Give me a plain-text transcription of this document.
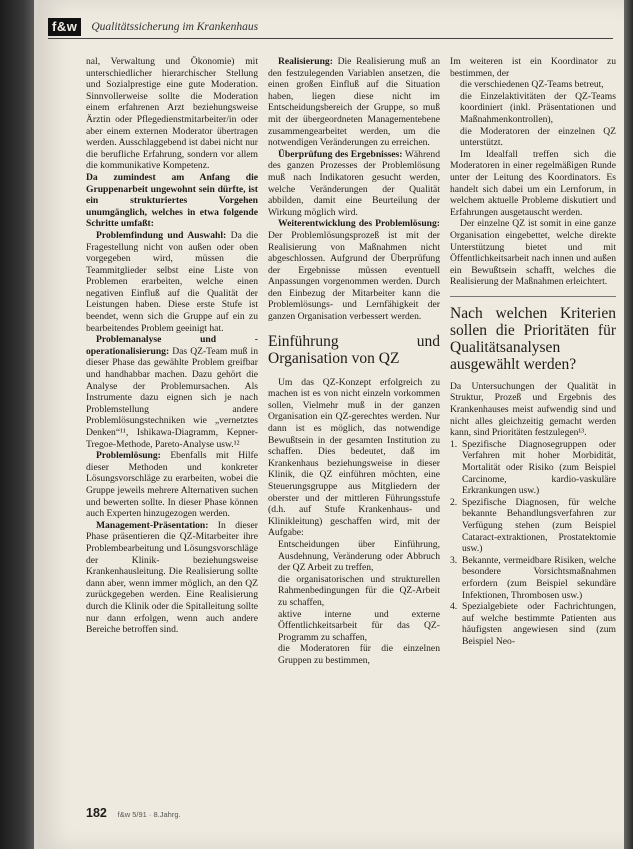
f&w	Qualitätssicherung im Krankenhaus

nal, Verwaltung und Ökonomie) mit unterschiedlicher hierarchischer Stellung und Sozialprestige eine gute Moderation. Sinnvollerweise sollte die Moderation einem erfahrenen Arzt beziehungsweise Ärztin oder Pflegedienstmitarbeiter/in oder aber einem externen Moderator übertragen werden. Ausschlaggebend ist dabei nicht nur die berufliche Erfahrung, sondern vor allem die kommunikative Kompetenz.

Da zumindest am Anfang die Gruppenarbeit ungewohnt sein dürfte, ist ein strukturiertes Vorgehen unumgänglich, welches in etwa folgende Schritte umfaßt:

Problemfindung und Auswahl: Da die Fragestellung nicht von außen oder oben vorgegeben wird, müssen die Teammitglieder selbst eine Liste von Problemen erarbeiten, welche einen negativen Einfluß auf die Qualität der Leistungen haben. Diese erste Stufe ist beendet, wenn sich die Gruppe auf ein zu bearbeitendes Problem geeinigt hat.

Problemanalyse und -operationalisierung: Das QZ-Team muß in dieser Phase das gewählte Problem greifbar und handhabbar machen. Dazu gehört die Analyse der Problemursachen. Als Instrumente dazu eignen sich je nach Problemstellung andere Problemlösungstechniken wie „vernetztes Denken“¹¹, Ishikawa-Diagramm, Kepner-Tregoe-Methode, Pareto-Analyse usw.¹²

Problemlösung: Ebenfalls mit Hilfe dieser Methoden und konkreter Lösungsvorschläge zu erarbeiten, wobei die Gruppe jeweils mehrere Alternativen suchen und bewerten sollte. In dieser Phase können auch Experten hinzugezogen werden.

Management-Präsentation: In dieser Phase präsentieren die QZ-Mitarbeiter ihre Problembearbeitung und Lösungsvorschläge der Klinik- beziehungsweise Krankenhausleitung. Die Realisierung sollte dann aber, wenn immer möglich, an den QZ zurückgegeben werden. Eine Realisierung durch die Klinik oder die Spitalleitung sollte nur dann erfolgen, wenn auch andere Bereiche betroffen sind.

Realisierung: Die Realisierung muß an den festzulegenden Variablen ansetzen, die einen großen Einfluß auf die Situation haben, liegen diese nicht im Entscheidungsbereich der Gruppe, so muß mit der übergeordneten Managementebene zusammengearbeitet werden, um die notwendigen Veränderungen zu erreichen.

Überprüfung des Ergebnisses: Während des ganzen Prozesses der Problemlösung muß nach Indikatoren gesucht werden, welche Veränderungen der Qualität abbilden, damit eine Beurteilung der Wirkung möglich wird.

Weiterentwicklung des Problemlösung: Der Problemlösungsprozeß ist mit der Realisierung von Maßnahmen nicht abgeschlossen. Aufgrund der Überprüfung der Ergebnisse müssen eventuell Anpassungen vorgenommen werden. Durch den Einbezug der Mitarbeiter kann die Problemlösungs- und Lernfähigkeit der ganzen Organisation verbessert werden.

Einführung und Organisation von QZ

Um das QZ-Konzept erfolgreich zu machen ist es von nicht einzeln vorkommen sollen, Vielmehr muß in der ganzen Organisation ein QZ-gerechtes werden. Nur dann ist es möglich, das notwendige Bewußtsein in der gesamten Institution zu schaffen. Dies bedeutet, daß im Krankenhaus beziehungsweise in dieser Klinik, die QZ einführen möchten, eine Steuerungsgruppe aus Mitgliedern der oberster und der mittleren Führungsstufe (d.h. auf Stufe Krankenhaus- und Klinikleitung) geschaffen wird, mit der Aufgabe:

Entscheidungen über Einführung, Ausdehnung, Veränderung oder Abbruch der QZ Arbeit zu treffen,

die organisatorischen und strukturellen Rahmenbedingungen für die QZ-Arbeit zu schaffen,

aktive interne und externe Öffentlichkeitsarbeit für das QZ-Programm zu schaffen,

die Moderatoren für die einzelnen Gruppen zu bestimmen,

Im weiteren ist ein Koordinator zu bestimmen, der

die verschiedenen QZ-Teams betreut,

die Einzelaktivitäten der QZ-Teams koordiniert (inkl. Präsentationen und Maßnahmenkontrollen),

die Moderatoren der einzelnen QZ unterstützt.

Im Idealfall treffen sich die Moderatoren in einer regelmäßigen Runde unter der Leitung des Koordinators. Es handelt sich dabei um ein Lernforum, in welchem aktuelle Probleme diskutiert und Erfahrungen ausgetauscht werden.

Der einzelne QZ ist somit in eine ganze Organisation eingebettet, welche direkte Unterstützung bietet und mit Öffentlichkeitsarbeit nach innen und außen ein Bewußtsein schafft, welches die Realisierung der Maßnahmen erleichtert.

Nach welchen Kriterien sollen die Prioritäten für Qualitätsanalysen ausgewählt werden?

Da Untersuchungen der Qualität in Struktur, Prozeß und Ergebnis des Krankenhauses meist aufwendig sind und nicht alles gleichzeitig gemacht werden kann, sind Prioritäten festzulegen¹³.

1. Spezifische Diagnosegruppen oder Verfahren mit hoher Morbidität, Mortalität oder Risiko (zum Beispiel Carcinome, kardio-vaskuläre Erkrankungen usw.)
2. Spezifische Diagnosen, für welche bekannte Behandlungsverfahren zur Verfügung stehen (zum Beispiel Cataract-extraktionen, Prostatektomie usw.)
3. Bekannte, vermeidbare Risiken, welche besondere Vorsichtsmaßnahmen erfordern (zum Beispiel sekundäre Infektionen, Thrombosen usw.)
4. Spezialgebiete oder Fachrichtungen, auf welche bestimmte Patienten aus häufigsten angewiesen sind (zum Beispiel Neo-
182 f&w 5/91 · 8.Jahrg.
